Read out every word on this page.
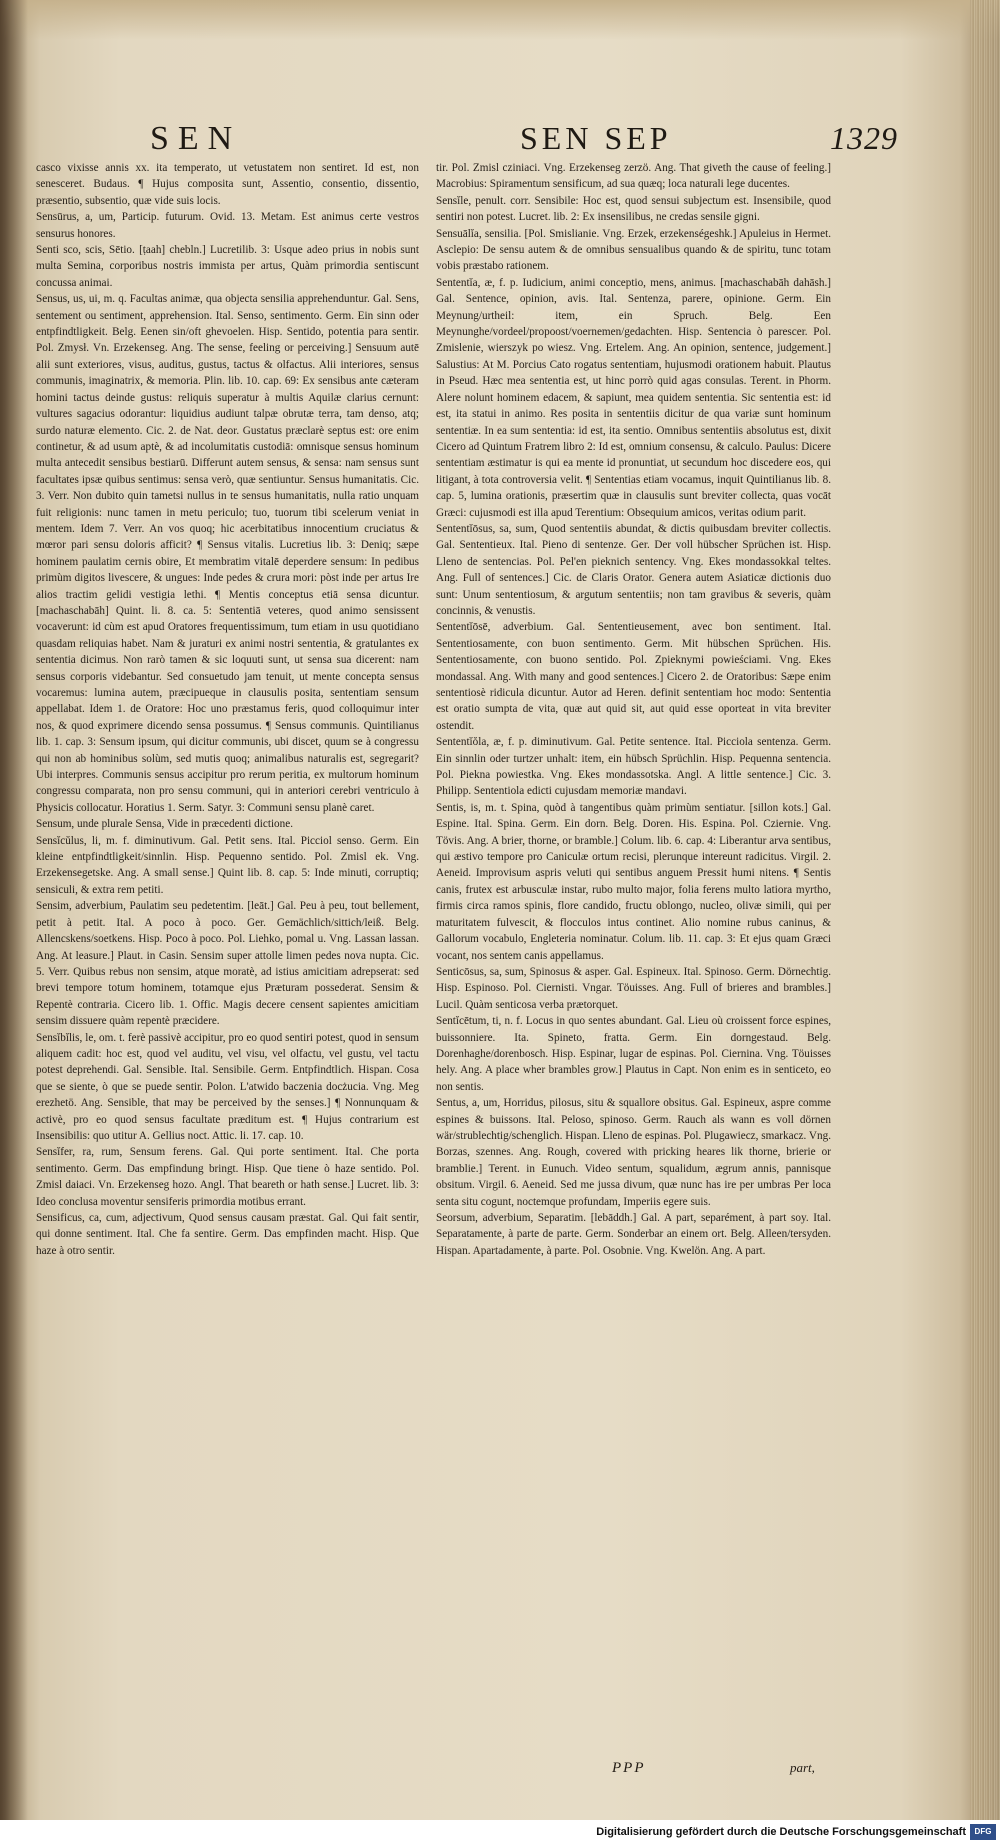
SEN	SEN SEP	1329

casco vixisse annis xx. ita temperato, ut vetustatem non sentiret. Id est, non senesceret. Budaus. ¶ Hujus composita sunt, Assentio, consentio, dissentio, præsentio, subsentio, quæ vide suis locis.

Sensūrus, a, um, Particip. futurum. Ovid. 13. Metam. Est animus certe vestros sensurus honores.

Senti sco, scis, Sētio. [ṭaah] chebln.] Lucretilib. 3: Usque adeo prius in nobis sunt multa Semina, corporibus nostris immista per artus, Quàm primordia sentiscunt concussa animai.

Sensus, us, ui, m. q. Facultas animæ, qua objecta sensilia apprehenduntur. Gal. Sens, sentement ou sentiment, apprehension. Ital. Senso, sentimento. Germ. Ein sinn oder entpfindtligkeit. Belg. Eenen sin/oft ghevoelen. Hisp. Sentido, potentia para sentir. Pol. Zmysł. Vn. Erzekenseg. Ang. The sense, feeling or perceiving.] Sensuum autē alii sunt exteriores, visus, auditus, gustus, tactus & olfactus. Alii interiores, sensus communis, imaginatrix, & memoria. Plin. lib. 10. cap. 69: Ex sensibus ante cæteram homini tactus deinde gustus: reliquis superatur à multis Aquilæ clarius cernunt: vultures sagacius odorantur: liquidius audiunt talpæ obrutæ terra, tam denso, atq; surdo naturæ elemento. Cic. 2. de Nat. deor. Gustatus præclarè septus est: ore enim continetur, & ad usum aptè, & ad incolumitatis custodiā: omnisque sensus hominum multa antecedit sensibus bestiarū. Differunt autem sensus, & sensa: nam sensus sunt facultates ipsæ quibus sentimus: sensa verò, quæ sentiuntur. Sensus humanitatis. Cic. 3. Verr. Non dubito quin tametsi nullus in te sensus humanitatis, nulla ratio unquam fuit religionis: nunc tamen in metu periculo; tuo, tuorum tibi scelerum veniat in mentem. Idem 7. Verr. An vos quoq; hic acerbitatibus innocentium cruciatus & mœror pari sensu doloris afficit? ¶ Sensus vitalis. Lucretius lib. 3: Deniq; sæpe hominem paulatim cernis obire, Et membratim vitalē deperdere sensum: In pedibus primùm digitos livescere, & ungues: Inde pedes & crura mori: pòst inde per artus Ire alios tractim gelidi vestigia lethi. ¶ Mentis conceptus etiā sensa dicuntur. [machaschabāh] Quint. li. 8. ca. 5: Sententiā veteres, quod animo sensissent vocaverunt: id cùm est apud Oratores frequentissimum, tum etiam in usu quotidiano quasdam reliquias habet. Nam & juraturi ex animi nostri sententia, & gratulantes ex sententia dicimus. Non rarò tamen & sic loquuti sunt, ut sensa sua dicerent: nam sensus corporis videbantur. Sed consuetudo jam tenuit, ut mente concepta sensus vocaremus: lumina autem, præcipueque in clausulis posita, sententiam sensum appellabat. Idem 1. de Oratore: Hoc uno præstamus feris, quod colloquimur inter nos, & quod exprimere dicendo sensa possumus. ¶ Sensus communis. Quintilianus lib. 1. cap. 3: Sensum ipsum, qui dicitur communis, ubi discet, quum se à congressu qui non ab hominibus solùm, sed mutis quoq; animalibus naturalis est, segregarit? Ubi interpres. Communis sensus accipitur pro rerum peritia, ex multorum hominum congressu comparata, non pro sensu communi, qui in anteriori cerebri ventriculo à Physicis collocatur. Horatius 1. Serm. Satyr. 3: Communi sensu planè caret.

Sensum, unde plurale Sensa, Vide in præcedenti dictione.

Sensĭcŭlus, li, m. f. diminutivum. Gal. Petit sens. Ital. Picciol senso. Germ. Ein kleine entpfindtligkeit/sinnlin. Hisp. Pequenno sentido. Pol. Zmisl ek. Vng. Erzekensegetske. Ang. A small sense.] Quint lib. 8. cap. 5: Inde minuti, corruptiq; sensiculi, & extra rem petiti.

Sensim, adverbium, Paulatim seu pedetentim. [leāt.] Gal. Peu à peu, tout bellement, petit à petit. Ital. A poco à poco. Ger. Gemächlich/sittich/leiß. Belg. Allencskens/soetkens. Hisp. Poco à poco. Pol. Liehko, pomal u. Vng. Lassan lassan. Ang. At leasure.] Plaut. in Casin. Sensim super attolle limen pedes nova nupta. Cic. 5. Verr. Quibus rebus non sensim, atque moratè, ad istius amicitiam adrepserat: sed brevi tempore totum hominem, totamque ejus Præturam possederat. Sensim & Repentè contraria. Cicero lib. 1. Offic. Magis decere censent sapientes amicitiam sensim dissuere quàm repentè præcidere.

Sensĭbĭlis, le, om. t. ferè passivè accipitur, pro eo quod sentiri potest, quod in sensum aliquem cadit: hoc est, quod vel auditu, vel visu, vel olfactu, vel gustu, vel tactu potest deprehendi. Gal. Sensible. Ital. Sensibile. Germ. Entpfindtlich. Hispan. Cosa que se siente, ò que se puede sentir. Polon. L'atwido baczenia docżucia. Vng. Meg erezhetö. Ang. Sensible, that may be perceived by the senses.] ¶ Nonnunquam & activè, pro eo quod sensus facultate præditum est. ¶ Hujus contrarium est Insensibilis: quo utitur A. Gellius noct. Attic. li. 17. cap. 10.

Sensĭfer, ra, rum, Sensum ferens. Gal. Qui porte sentiment. Ital. Che porta sentimento. Germ. Das empfindung bringt. Hisp. Que tiene ò haze sentido. Pol. Zmisl daiaci. Vn. Erzekenseg hozo. Angl. That beareth or hath sense.] Lucret. lib. 3: Ideo conclusa moventur sensiferis primordia motibus errant.

Sensificus, ca, cum, adjectivum, Quod sensus causam præstat. Gal. Qui fait sentir, qui donne sentiment. Ital. Che fa sentire. Germ. Das empfinden macht. Hisp. Que haze à otro sentir.

tir. Pol. Zmisl cziniaci. Vng. Erzekenseg zerzö. Ang. That giveth the cause of feeling.] Macrobius: Spiramentum sensificum, ad sua quæq; loca naturali lege ducentes.

Sensĭle, penult. corr. Sensibile: Hoc est, quod sensui subjectum est. Insensibile, quod sentiri non potest. Lucret. lib. 2: Ex insensilibus, ne credas sensile gigni.

Sensuālĭa, sensilia. [Pol. Smislianie. Vng. Erzek, erzekenségeshk.] Apuleius in Hermet. Asclepio: De sensu autem & de omnibus sensualibus quando & de spiritu, tunc totam vobis præstabo rationem.

Sententĭa, æ, f. p. Iudicium, animi conceptio, mens, animus. [machaschabāh dahāsh.] Gal. Sentence, opinion, avis. Ital. Sentenza, parere, opinione. Germ. Ein Meynung/urtheil: item, ein Spruch. Belg. Een Meynunghe/vordeel/propoost/voernemen/gedachten. Hisp. Sentencia ò parescer. Pol. Zmislenie, wierszyk po wiesz. Vng. Ertelem. Ang. An opinion, sentence, judgement.] Salustius: At M. Porcius Cato rogatus sententiam, hujusmodi orationem habuit. Plautus in Pseud. Hæc mea sententia est, ut hinc porrò quid agas consulas. Terent. in Phorm. Alere nolunt hominem edacem, & sapiunt, mea quidem sententia. Sic sententia est: id est, ita statui in animo. Res posita in sententiis dicitur de qua variæ sunt hominum sententiæ. In ea sum sententia: id est, ita sentio. Omnibus sententiis absolutus est, dixit Cicero ad Quintum Fratrem libro 2: Id est, omnium consensu, & calculo. Paulus: Dicere sententiam æstimatur is qui ea mente id pronuntiat, ut secundum hoc discedere eos, qui litigant, à tota controversia velit. ¶ Sententias etiam vocamus, inquit Quintilianus lib. 8. cap. 5, lumina orationis, præsertim quæ in clausulis sunt breviter collecta, quas vocāt Græci: cujusmodi est illa apud Terentium: Obsequium amicos, veritas odium parit.

Sententĭōsus, sa, sum, Quod sententiis abundat, & dictis quibusdam breviter collectis. Gal. Sententieux. Ital. Pieno di sentenze. Ger. Der voll hübscher Sprüchen ist. Hisp. Lleno de sentencias. Pol. Pel'en pieknich sentency. Vng. Ekes mondassokkal teltes. Ang. Full of sentences.] Cic. de Claris Orator. Genera autem Asiaticæ dictionis duo sunt: Unum sententiosum, & argutum sententiis; non tam gravibus & severis, quàm concinnis, & venustis.

Sententĭōsē, adverbium. Gal. Sententieusement, avec bon sentiment. Ital. Sententiosamente, con buon sentimento. Germ. Mit hübschen Sprüchen. His. Sententiosamente, con buono sentido. Pol. Zpieknymi powieściami. Vng. Ekes mondassal. Ang. With many and good sentences.] Cicero 2. de Oratoribus: Sæpe enim sententiosè ridicula dicuntur. Autor ad Heren. definit sententiam hoc modo: Sententia est oratio sumpta de vita, quæ aut quid sit, aut quid esse oporteat in vita breviter ostendit.

Sententĭŏla, æ, f. p. diminutivum. Gal. Petite sentence. Ital. Picciola sentenza. Germ. Ein sinnlin oder turtzer unhalt: item, ein hübsch Sprüchlin. Hisp. Pequenna sentencia. Pol. Piekna powiestka. Vng. Ekes mondassotska. Angl. A little sentence.] Cic. 3. Philipp. Sententiola edicti cujusdam memoriæ mandavi.

Sentis, is, m. t. Spina, quòd à tangentibus quàm primùm sentiatur. [sillon kots.] Gal. Espine. Ital. Spina. Germ. Ein dorn. Belg. Doren. His. Espina. Pol. Cziernie. Vng. Tövis. Ang. A brier, thorne, or bramble.] Colum. lib. 6. cap. 4: Liberantur arva sentibus, qui æstivo tempore pro Caniculæ ortum recisi, plerunque intereunt radicitus. Virgil. 2. Aeneid. Improvisum aspris veluti qui sentibus anguem Pressit humi nitens. ¶ Sentis canis, frutex est arbusculæ instar, rubo multo major, folia ferens multo latiora myrtho, firmis circa ramos spinis, flore candido, fructu oblongo, nucleo, olivæ simili, qui per maturitatem fulvescit, & flocculos intus continet. Alio nomine rubus caninus, & Gallorum vocabulo, Engleteria nominatur. Colum. lib. 11. cap. 3: Et ejus quam Græci vocant, nos sentem canis appellamus.

Senticōsus, sa, sum, Spinosus & asper. Gal. Espineux. Ital. Spinoso. Germ. Dörnechtig. Hisp. Espinoso. Pol. Ciernisti. Vngar. Töuisses. Ang. Full of brieres and brambles.] Lucil. Quàm senticosa verba prætorquet.

Sentĭcētum, ti, n. f. Locus in quo sentes abundant. Gal. Lieu où croissent force espines, buissonniere. Ita. Spineto, fratta. Germ. Ein dorngestaud. Belg. Dorenhaghe/dorenbosch. Hisp. Espinar, lugar de espinas. Pol. Ciernina. Vng. Töuisses hely. Ang. A place wher brambles grow.] Plautus in Capt. Non enim es in senticeto, eo non sentis.

Sentus, a, um, Horridus, pilosus, situ & squallore obsitus. Gal. Espineux, aspre comme espines & buissons. Ital. Peloso, spinoso. Germ. Rauch als wann es voll dörnen wär/strublechtig/schenglich. Hispan. Lleno de espinas. Pol. Plugawiecz, smarkacz. Vng. Borzas, szennes. Ang. Rough, covered with pricking heares lik thorne, brierie or bramblie.] Terent. in Eunuch. Video sentum, squalidum, ægrum annis, pannisque obsitum. Virgil. 6. Aeneid. Sed me jussa divum, quæ nunc has ire per umbras Per loca senta situ cogunt, noctemque profundam, Imperiis egere suis.

Seorsum, adverbium, Separatim. [lebāddh.] Gal. A part, separément, à part soy. Ital. Separatamente, à parte de parte. Germ. Sonderbar an einem ort. Belg. Alleen/tersyden. Hispan. Apartadamente, à parte. Pol. Osobnie. Vng. Kwelön. Ang. A part.

PPP	part,
Digitalisierung gefördert durch die Deutsche Forschungsgemeinschaft	DFG
